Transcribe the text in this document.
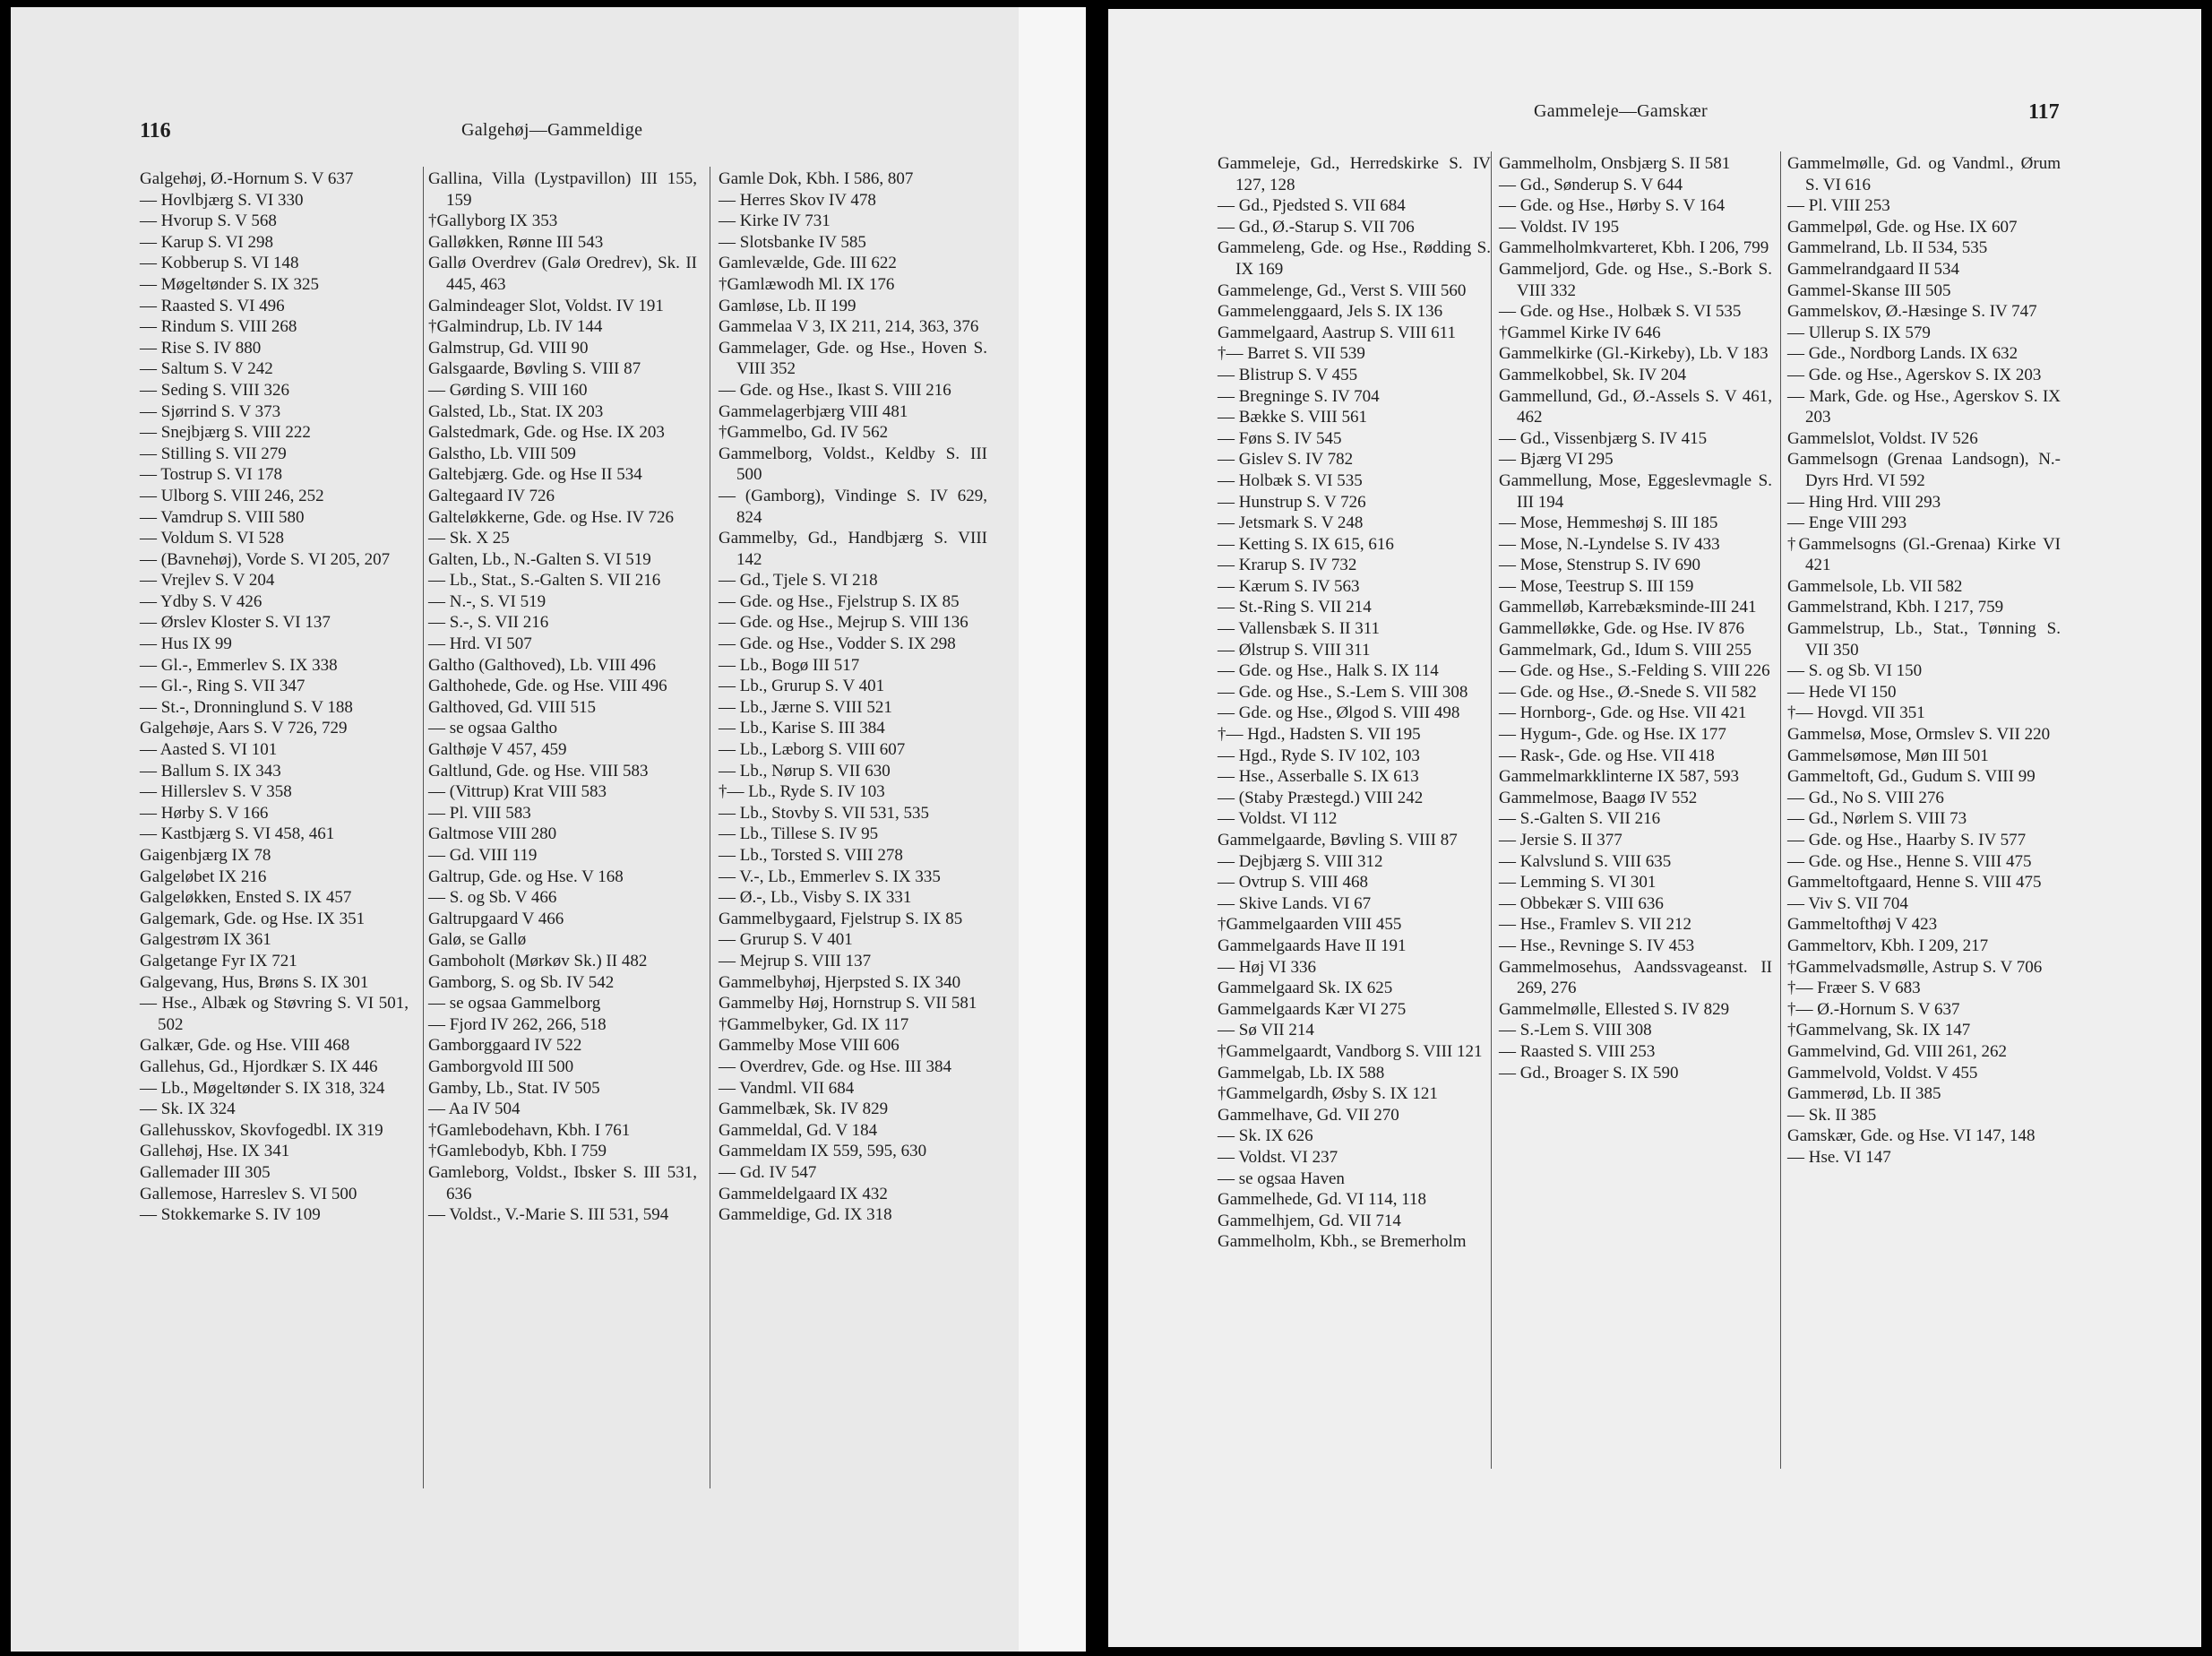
116	Galgehøj—Gammeldige
Galgehøj, Ø.-Hornum S. V 637
— Hovlbjærg S. VI 330
— Hvorup S. V 568
— Karup S. VI 298
— Kobberup S. VI 148
— Møgeltønder S. IX 325
— Raasted S. VI 496
— Rindum S. VIII 268
— Rise S. IV 880
— Saltum S. V 242
— Seding S. VIII 326
— Sjørrind S. V 373
— Snejbjærg S. VIII 222
— Stilling S. VII 279
— Tostrup S. VI 178
— Ulborg S. VIII 246, 252
— Vamdrup S. VIII 580
— Voldum S. VI 528
— (Bavnehøj), Vorde S. VI 205, 207
— Vrejlev S. V 204
— Ydby S. V 426
— Ørslev Kloster S. VI 137
— Hus IX 99
— Gl.-, Emmerlev S. IX 338
— Gl.-, Ring S. VII 347
— St.-, Dronninglund S. V 188
Galgehøje, Aars S. V 726, 729
— Aasted S. VI 101
— Ballum S. IX 343
— Hillerslev S. V 358
— Hørby S. V 166
— Kastbjærg S. VI 458, 461
Gaigenbjærg IX 78
Galgeløbet IX 216
Galgeløkken, Ensted S. IX 457
Galgemark, Gde. og Hse. IX 351
Galgestrøm IX 361
Galgetange Fyr IX 721
Galgevang, Hus, Brøns S. IX 301
— Hse., Albæk og Støvring S. VI 501, 502
Galkær, Gde. og Hse. VIII 468
Gallehus, Gd., Hjordkær S. IX 446
— Lb., Møgeltønder S. IX 318, 324
— Sk. IX 324
Gallehusskov, Skovfogedbl. IX 319
Gallehøj, Hse. IX 341
Gallemader III 305
Gallemose, Harreslev S. VI 500
— Stokkemarke S. IV 109
Gallina, Villa (Lystpavillon) III 155, 159
†Gallyborg IX 353
Galløkken, Rønne III 543
Gallø Overdrev (Galø Oredrev), Sk. II 445, 463
Galmindeager Slot, Voldst. IV 191
†Galmindrup, Lb. IV 144
Galmstrup, Gd. VIII 90
Galsgaarde, Bøvling S. VIII 87
— Gørding S. VIII 160
Galsted, Lb., Stat. IX 203
Galstedmark, Gde. og Hse. IX 203
Galstho, Lb. VIII 509
Galtebjærg. Gde. og Hse II 534
Galtegaard IV 726
Galteløkkerne, Gde. og Hse. IV 726
— Sk. X 25
Galten, Lb., N.-Galten S. VI 519
— Lb., Stat., S.-Galten S. VII 216
— N.-, S. VI 519
— S.-, S. VII 216
— Hrd. VI 507
Galtho (Galthoved), Lb. VIII 496
Galthohede, Gde. og Hse. VIII 496
Galthoved, Gd. VIII 515
— se ogsaa Galtho
Galthøje V 457, 459
Galtlund, Gde. og Hse. VIII 583
— (Vittrup) Krat VIII 583
— Pl. VIII 583
Galtmose VIII 280
— Gd. VIII 119
Galtrup, Gde. og Hse. V 168
— S. og Sb. V 466
Galtrupgaard V 466
Galø, se Gallø
Gamboholt (Mørkøv Sk.) II 482
Gamborg, S. og Sb. IV 542
— se ogsaa Gammelborg
— Fjord IV 262, 266, 518
Gamborggaard IV 522
Gamborgvold III 500
Gamby, Lb., Stat. IV 505
— Aa IV 504
†Gamlebodehavn, Kbh. I 761
†Gamlebodyb, Kbh. I 759
Gamleborg, Voldst., Ibsker S. III 531, 636
— Voldst., V.-Marie S. III 531, 594
Gamle Dok, Kbh. I 586, 807
— Herres Skov IV 478
— Kirke IV 731
— Slotsbanke IV 585
Gamlevælde, Gde. III 622
†Gamlæwodh Ml. IX 176
Gamløse, Lb. II 199
Gammelaa V 3, IX 211, 214, 363, 376
Gammelager, Gde. og Hse., Hoven S. VIII 352
— Gde. og Hse., Ikast S. VIII 216
Gammelagerbjærg VIII 481
†Gammelbo, Gd. IV 562
Gammelborg, Voldst., Keldby S. III 500
— (Gamborg), Vindinge S. IV 629, 824
Gammelby, Gd., Handbjærg S. VIII 142
— Gd., Tjele S. VI 218
— Gde. og Hse., Fjelstrup S. IX 85
— Gde. og Hse., Mejrup S. VIII 136
— Gde. og Hse., Vodder S. IX 298
— Lb., Bogø III 517
— Lb., Grurup S. V 401
— Lb., Jærne S. VIII 521
— Lb., Karise S. III 384
— Lb., Læborg S. VIII 607
— Lb., Nørup S. VII 630
†— Lb., Ryde S. IV 103
— Lb., Stovby S. VII 531, 535
— Lb., Tillese S. IV 95
— Lb., Torsted S. VIII 278
— V.-, Lb., Emmerlev S. IX 335
— Ø.-, Lb., Visby S. IX 331
Gammelbygaard, Fjelstrup S. IX 85
— Grurup S. V 401
— Mejrup S. VIII 137
Gammelbyhøj, Hjerpsted S. IX 340
Gammelby Høj, Hornstrup S. VII 581
†Gammelbyker, Gd. IX 117
Gammelby Mose VIII 606
— Overdrev, Gde. og Hse. III 384
— Vandml. VII 684
Gammelbæk, Sk. IV 829
Gammeldal, Gd. V 184
Gammeldam IX 559, 595, 630
— Gd. IV 547
Gammeldelgaard IX 432
Gammeldige, Gd. IX 318
Gammeleje—Gamskær	117
Gammeleje, Gd., Herredskirke S. IV 127, 128
— Gd., Pjedsted S. VII 684
— Gd., Ø.-Starup S. VII 706
Gammeleng, Gde. og Hse., Rødding S. IX 169
Gammelenge, Gd., Verst S. VIII 560
Gammelenggaard, Jels S. IX 136
Gammelgaard, Aastrup S. VIII 611
†— Barret S. VII 539
— Blistrup S. V 455
— Bregninge S. IV 704
— Bække S. VIII 561
— Føns S. IV 545
— Gislev S. IV 782
— Holbæk S. VI 535
— Hunstrup S. V 726
— Jetsmark S. V 248
— Ketting S. IX 615, 616
— Krarup S. IV 732
— Kærum S. IV 563
— St.-Ring S. VII 214
— Vallensbæk S. II 311
— Ølstrup S. VIII 311
— Gde. og Hse., Halk S. IX 114
— Gde. og Hse., S.-Lem S. VIII 308
— Gde. og Hse., Ølgod S. VIII 498
†— Hgd., Hadsten S. VII 195
— Hgd., Ryde S. IV 102, 103
— Hse., Asserballe S. IX 613
— (Staby Præstegd.) VIII 242
— Voldst. VI 112
Gammelgaarde, Bøvling S. VIII 87
— Dejbjærg S. VIII 312
— Ovtrup S. VIII 468
— Skive Lands. VI 67
†Gammelgaarden VIII 455
Gammelgaards Have II 191
— Høj VI 336
Gammelgaard Sk. IX 625
Gammelgaards Kær VI 275
— Sø VII 214
†Gammelgaardt, Vandborg S. VIII 121
Gammelgab, Lb. IX 588
†Gammelgardh, Øsby S. IX 121
Gammelhave, Gd. VII 270
— Sk. IX 626
— Voldst. VI 237
— se ogsaa Haven
Gammelhede, Gd. VI 114, 118
Gammelhjem, Gd. VII 714
Gammelholm, Kbh., se Bremerholm
Gammelholm, Onsbjærg S. II 581
— Gd., Sønderup S. V 644
— Gde. og Hse., Hørby S. V 164
— Voldst. IV 195
Gammelholmkvarteret, Kbh. I 206, 799
Gammeljord, Gde. og Hse., S.-Bork S. VIII 332
— Gde. og Hse., Holbæk S. VI 535
†Gammel Kirke IV 646
Gammelkirke (Gl.-Kirkeby), Lb. V 183
Gammelkobbel, Sk. IV 204
Gammellund, Gd., Ø.-Assels S. V 461, 462
— Gd., Vissenbjærg S. IV 415
— Bjærg VI 295
Gammellung, Mose, Eggeslevmagle S. III 194
— Mose, Hemmeshøj S. III 185
— Mose, N.-Lyndelse S. IV 433
— Mose, Stenstrup S. IV 690
— Mose, Teestrup S. III 159
Gammelløb, Karrebæksminde-III 241
Gammelløkke, Gde. og Hse. IV 876
Gammelmark, Gd., Idum S. VIII 255
— Gde. og Hse., S.-Felding S. VIII 226
— Gde. og Hse., Ø.-Snede S. VII 582
— Hornborg-, Gde. og Hse. VII 421
— Hygum-, Gde. og Hse. IX 177
— Rask-, Gde. og Hse. VII 418
Gammelmarkklinterne IX 587, 593
Gammelmose, Baagø IV 552
— S.-Galten S. VII 216
— Jersie S. II 377
— Kalvslund S. VIII 635
— Lemming S. VI 301
— Obbekær S. VIII 636
— Hse., Framlev S. VII 212
— Hse., Revninge S. IV 453
Gammelmosehus, Aandssvageanst. II 269, 276
Gammelmølle, Ellested S. IV 829
— S.-Lem S. VIII 308
— Raasted S. VIII 253
— Gd., Broager S. IX 590
Gammelmølle, Gd. og Vandml., Ørum S. VI 616
— Pl. VIII 253
Gammelpøl, Gde. og Hse. IX 607
Gammelrand, Lb. II 534, 535
Gammelrandgaard II 534
Gammel-Skanse III 505
Gammelskov, Ø.-Hæsinge S. IV 747
— Ullerup S. IX 579
— Gde., Nordborg Lands. IX 632
— Gde. og Hse., Agerskov S. IX 203
— Mark, Gde. og Hse., Agerskov S. IX 203
Gammelslot, Voldst. IV 526
Gammelsogn (Grenaa Landsogn), N.-Dyrs Hrd. VI 592
— Hing Hrd. VIII 293
— Enge VIII 293
†Gammelsogns (Gl.-Grenaa) Kirke VI 421
Gammelsole, Lb. VII 582
Gammelstrand, Kbh. I 217, 759
Gammelstrup, Lb., Stat., Tønning S. VII 350
— S. og Sb. VI 150
— Hede VI 150
†— Hovgd. VII 351
Gammelsø, Mose, Ormslev S. VII 220
Gammelsømose, Møn III 501
Gammeltoft, Gd., Gudum S. VIII 99
— Gd., No S. VIII 276
— Gd., Nørlem S. VIII 73
— Gde. og Hse., Haarby S. IV 577
— Gde. og Hse., Henne S. VIII 475
Gammeltoftgaard, Henne S. VIII 475
— Viv S. VII 704
Gammeltofthøj V 423
Gammeltorv, Kbh. I 209, 217
†Gammelvadsmølle, Astrup S. V 706
†— Fræer S. V 683
†— Ø.-Hornum S. V 637
†Gammelvang, Sk. IX 147
Gammelvind, Gd. VIII 261, 262
Gammelvold, Voldst. V 455
Gammerød, Lb. II 385
— Sk. II 385
Gamskær, Gde. og Hse. VI 147, 148
— Hse. VI 147
